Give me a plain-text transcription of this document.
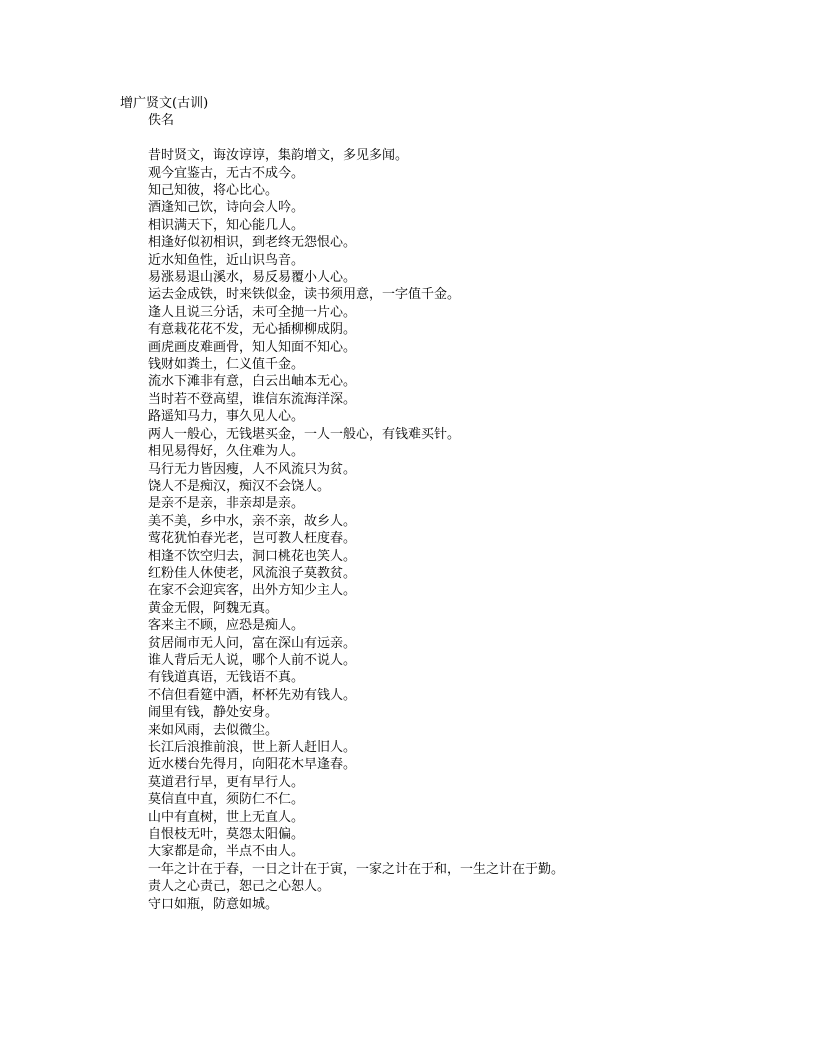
增广贤文(古训)
佚名
昔时贤文，诲汝谆谆，集韵增文，多见多闻。
观今宜鉴古，无古不成今。
知己知彼，将心比心。
酒逢知己饮，诗向会人吟。
相识满天下，知心能几人。
相逢好似初相识，到老终无怨恨心。
近水知鱼性，近山识鸟音。
易涨易退山溪水，易反易覆小人心。
运去金成铁，时来铁似金，读书须用意，一字值千金。
逢人且说三分话，未可全抛一片心。
有意栽花花不发，无心插柳柳成阴。
画虎画皮难画骨，知人知面不知心。
钱财如粪土，仁义值千金。
流水下滩非有意，白云出岫本无心。
当时若不登高望，谁信东流海洋深。
路遥知马力，事久见人心。
两人一般心，无钱堪买金，一人一般心，有钱难买针。
相见易得好，久住难为人。
马行无力皆因瘦，人不风流只为贫。
饶人不是痴汉，痴汉不会饶人。
是亲不是亲，非亲却是亲。
美不美，乡中水，亲不亲，故乡人。
莺花犹怕春光老，岂可教人枉度春。
相逢不饮空归去，洞口桃花也笑人。
红粉佳人休使老，风流浪子莫教贫。
在家不会迎宾客，出外方知少主人。
黄金无假，阿魏无真。
客来主不顾，应恐是痴人。
贫居闹市无人问，富在深山有远亲。
谁人背后无人说，哪个人前不说人。
有钱道真语，无钱语不真。
不信但看筵中酒，杯杯先劝有钱人。
闹里有钱，静处安身。
来如风雨，去似微尘。
长江后浪推前浪，世上新人赶旧人。
近水楼台先得月，向阳花木早逢春。
莫道君行早，更有早行人。
莫信直中直，须防仁不仁。
山中有直树，世上无直人。
自恨枝无叶，莫怨太阳偏。
大家都是命，半点不由人。
一年之计在于春，一日之计在于寅，一家之计在于和，一生之计在于勤。
责人之心责己，恕己之心恕人。
守口如瓶，防意如城。
